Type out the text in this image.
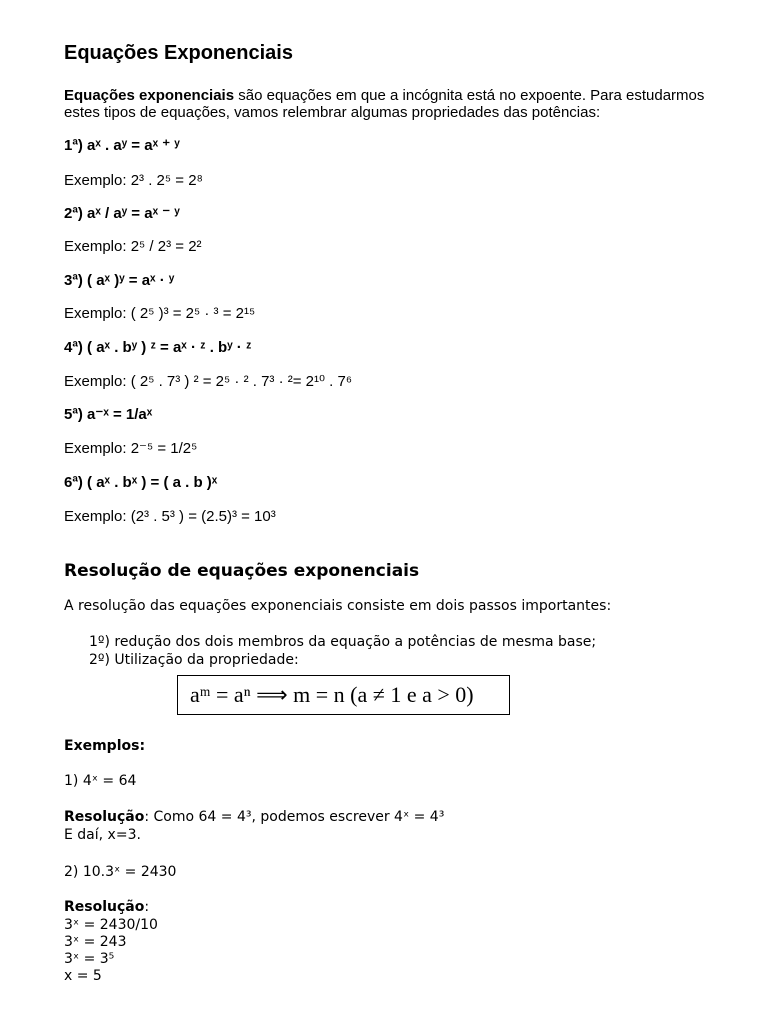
Equações Exponenciais
Equações exponenciais são equações em que a incógnita está no expoente. Para estudarmos
estes tipos de equações, vamos relembrar algumas propriedades das potências:
1ª) aˣ . aʸ = aˣ ⁺ ʸ
Exemplo: 2³ . 2⁵ = 2⁸
2ª) aˣ / aʸ = aˣ ⁻ ʸ
Exemplo: 2⁵ / 2³ = 2²
3ª) ( aˣ )ʸ = aˣ · ʸ
Exemplo: ( 2⁵ )³ = 2⁵ · ³ = 2¹⁵
4ª) ( aˣ . bʸ ) ᶻ = aˣ · ᶻ . bʸ · ᶻ
Exemplo: ( 2⁵ . 7³ ) ² = 2⁵ · ² . 7³ · ²= 2¹⁰ . 7⁶
5ª) a⁻ˣ = 1/aˣ
Exemplo: 2⁻⁵ = 1/2⁵
6ª) ( aˣ . bˣ ) = ( a . b )ˣ
Exemplo: (2³ . 5³ ) = (2.5)³ = 10³
Resolução de equações exponenciais
A resolução das equações exponenciais consiste em dois passos importantes:
1º) redução dos dois membros da equação a potências de mesma base;
2º) Utilização da propriedade:
aᵐ = aⁿ ⟹ m = n (a ≠ 1 e a > 0)
Exemplos:
1) 4ˣ = 64
Resolução: Como 64 = 4³, podemos escrever 4ˣ = 4³
E daí, x=3.
2) 10.3ˣ = 2430
Resolução:
3ˣ = 2430/10
3ˣ = 243
3ˣ = 3⁵
x = 5
